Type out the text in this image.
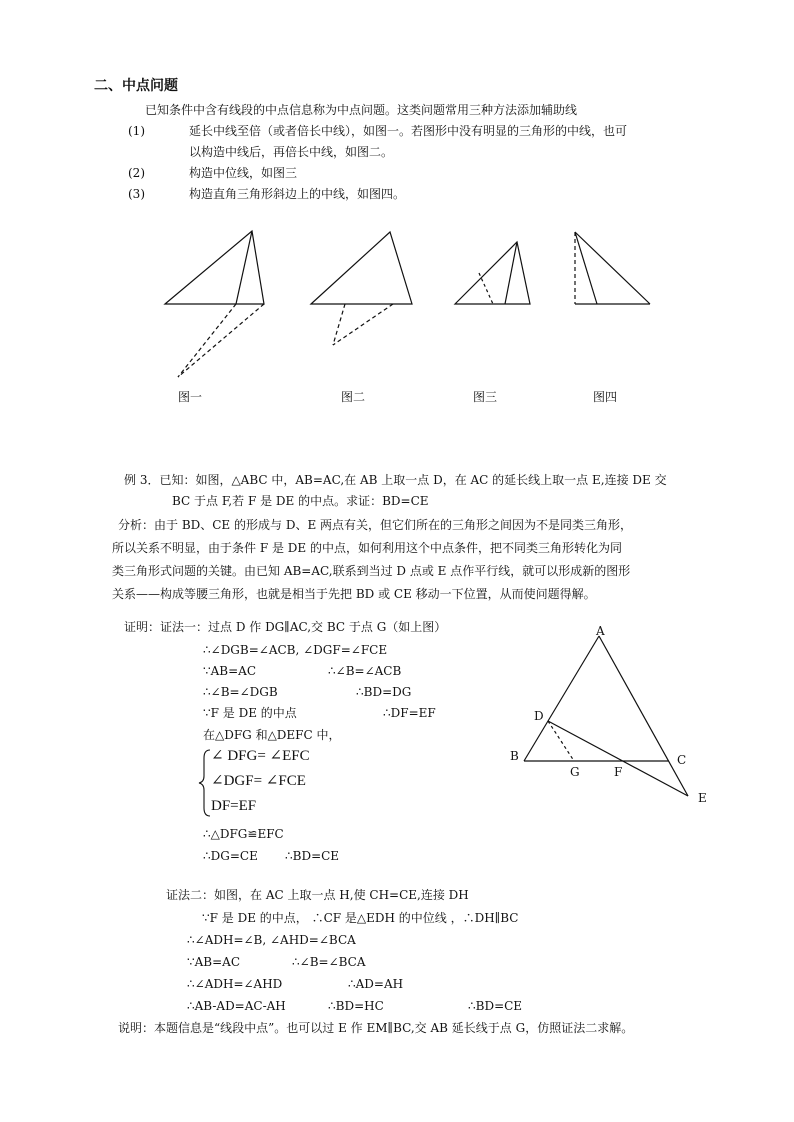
二、中点问题
已知条件中含有线段的中点信息称为中点问题。这类问题常用三种方法添加辅助线
(1)	延长中线至倍（或者倍长中线），如图一。若图形中没有明显的三角形的中线，也可
以构造中线后，再倍长中线，如图二。
(2)	构造中位线，如图三
(3)	构造直角三角形斜边上的中线，如图四。
图一	图二	图三	图四
例 3．已知：如图，△ABC 中，AB=AC,在 AB 上取一点 D，在 AC 的延长线上取一点 E,连接 DE 交
BC 于点 F,若 F 是 DE 的中点。求证：BD=CE
分析：由于 BD、CE 的形成与 D、E 两点有关，但它们所在的三角形之间因为不是同类三角形，
所以关系不明显，由于条件 F 是 DE 的中点，如何利用这个中点条件，把不同类三角形转化为同
类三角形式问题的关键。由已知 AB=AC,联系到当过 D 点或 E 点作平行线，就可以形成新的图形
关系——构成等腰三角形，也就是相当于先把 BD 或 CE 移动一下位置，从而使问题得解。
证明：证法一：过点 D 作 DG∥AC,交 BC 于点 G（如上图）
∴∠DGB=∠ACB, ∠DGF=∠FCE
∵AB=AC	∴∠B=∠ACB
∴∠B=∠DGB	∴BD=DG
∵F 是 DE 的中点	∴DF=EF
在△DFG 和△DEFC 中，
∠ DFG= ∠EFC
∠DGF= ∠FCE
DF=EF
∴△DFG≌EFC
∴DG=CE ∴BD=CE
A
D
B
G	F
C
E
证法二：如图，在 AC 上取一点 H,使 CH=CE,连接 DH
∵F 是 DE 的中点， ∴CF 是△EDH 的中位线 ，∴DH∥BC
∴∠ADH=∠B, ∠AHD=∠BCA
∵AB=AC	∴∠B=∠BCA
∴∠ADH=∠AHD	∴AD=AH
∴AB-AD=AC-AH	∴BD=HC	∴BD=CE
说明：本题信息是“线段中点”。也可以过 E 作 EM∥BC,交 AB 延长线于点 G，仿照证法二求解。
